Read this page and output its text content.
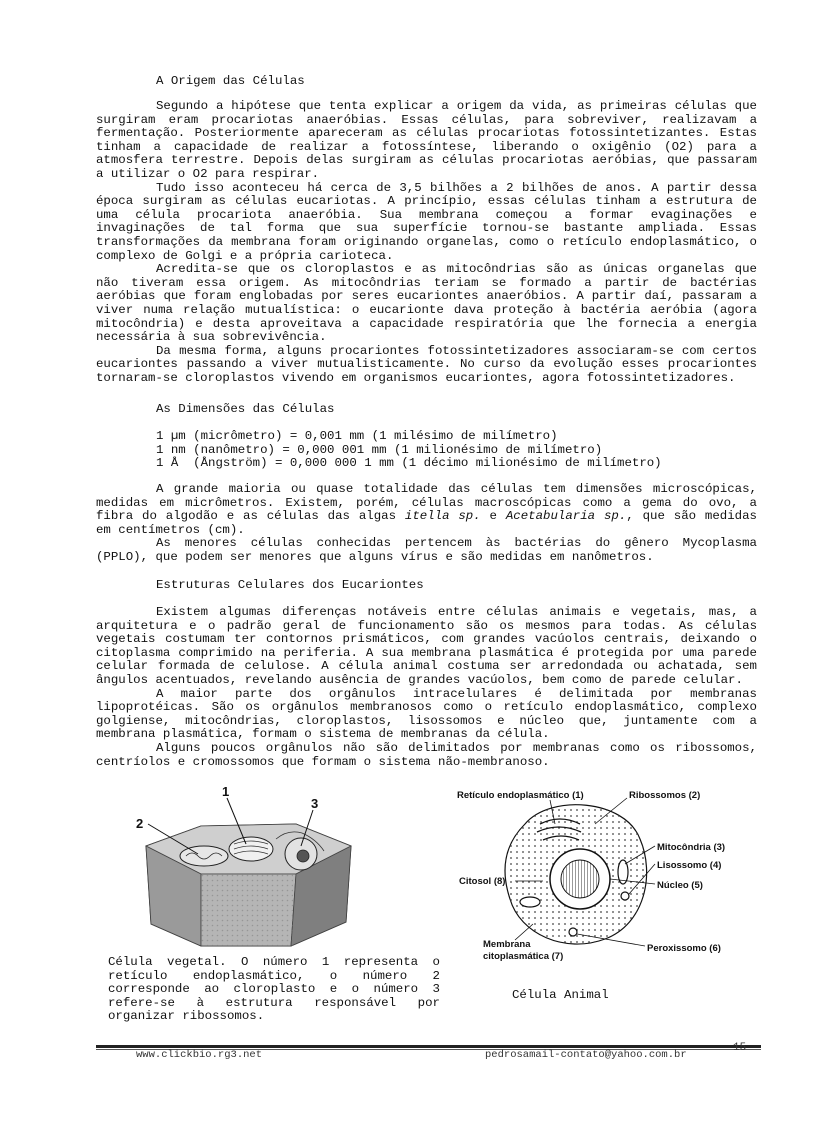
A Origem das Células

Segundo a hipótese que tenta explicar a origem da vida, as primeiras células que surgiram eram procariotas anaeróbias. Essas células, para sobreviver, realizavam a fermentação. Posteriormente apareceram as células procariotas fotossintetizantes. Estas tinham a capacidade de realizar a fotossíntese, liberando o oxigênio (O2) para a atmosfera terrestre. Depois delas surgiram as células procariotas aeróbias, que passaram a utilizar o O2 para respirar.

Tudo isso aconteceu há cerca de 3,5 bilhões a 2 bilhões de anos. A partir dessa época surgiram as células eucariotas. A princípio, essas células tinham a estrutura de uma célula procariota anaeróbia. Sua membrana começou a formar evaginações e invaginações de tal forma que sua superfície tornou-se bastante ampliada. Essas transformações da membrana foram originando organelas, como o retículo endoplasmático, o complexo de Golgi e a própria carioteca.

Acredita-se que os cloroplastos e as mitocôndrias são as únicas organelas que não tiveram essa origem. As mitocôndrias teriam se formado a partir de bactérias aeróbias que foram englobadas por seres eucariontes anaeróbios. A partir daí, passaram a viver numa relação mutualística: o eucarionte dava proteção à bactéria aeróbia (agora mitocôndria) e desta aproveitava a capacidade respiratória que lhe fornecia a energia necessária à sua sobrevivência.

Da mesma forma, alguns procariontes fotossintetizadores associaram-se com certos eucariontes passando a viver mutualisticamente. No curso da evolução esses procariontes tornaram-se cloroplastos vivendo em organismos eucariontes, agora fotossintetizadores.

As Dimensões das Células
1 µm (micrômetro) = 0,001 mm (1 milésimo de milímetro)
1 nm (nanômetro) = 0,000 001 mm (1 milionésimo de milímetro)
1 Å  (Ångström) = 0,000 000 1 mm (1 décimo milionésimo de milímetro)

A grande maioria ou quase totalidade das células tem dimensões microscópicas, medidas em micrômetros. Existem, porém, células macroscópicas como a gema do ovo, a fibra do algodão e as células das algas itella sp. e Acetabularia sp., que são medidas em centímetros (cm).

As menores células conhecidas pertencem às bactérias do gênero Mycoplasma (PPLO), que podem ser menores que alguns vírus e são medidas em nanômetros.

Estruturas Celulares dos Eucariontes

Existem algumas diferenças notáveis entre células animais e vegetais, mas, a arquitetura e o padrão geral de funcionamento são os mesmos para todas. As células vegetais costumam ter contornos prismáticos, com grandes vacúolos centrais, deixando o citoplasma comprimido na periferia. A sua membrana plasmática é protegida por uma parede celular formada de celulose. A célula animal costuma ser arredondada ou achatada, sem ângulos acentuados, revelando ausência de grandes vacúolos, bem como de parede celular.

A maior parte dos orgânulos intracelulares é delimitada por membranas lipoprotéicas. São os orgânulos membranosos como o retículo endoplasmático, complexo golgiense, mitocôndrias, cloroplastos, lisossomos e núcleo que, juntamente com a membrana plasmática, formam o sistema de membranas da célula.

Alguns poucos orgânulos não são delimitados por membranas como os ribossomos, centríolos e cromossomos que formam o sistema não-membranoso.

1
2
3
Célula vegetal. O número 1 representa o retículo endoplasmático, o número 2 corresponde ao cloroplasto e o número 3 refere-se à estrutura responsável por organizar ribossomos.
Retículo endoplasmático (1)	Ribossomos (2)
Mitocôndria (3)
Lisossomo (4)
Citosol (8)	Núcleo (5)
Membrana
citoplasmática (7)
Peroxissomo (6)
Célula Animal
15
www.clickbio.rg3.net	pedrosamail-contato@yahoo.com.br
